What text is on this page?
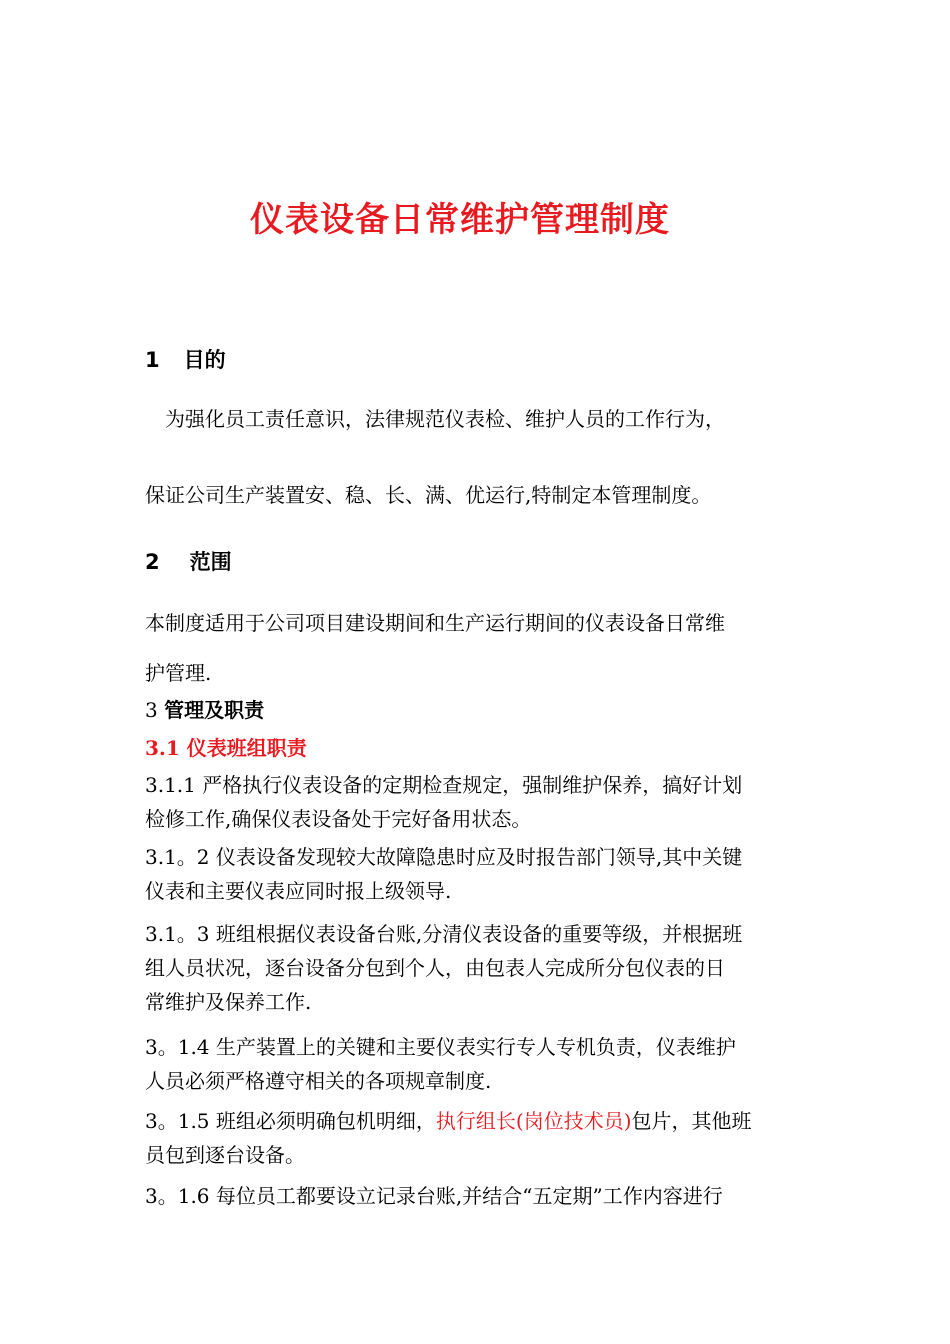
仪表设备日常维护管理制度
1 目的
为强化员工责任意识，法律规范仪表检、维护人员的工作行为，
保证公司生产装置安、稳、长、满、优运行,特制定本管理制度。
2 范围
本制度适用于公司项目建设期间和生产运行期间的仪表设备日常维
护管理.
3 管理及职责
3.1 仪表班组职责
3.1.1 严格执行仪表设备的定期检查规定，强制维护保养，搞好计划
检修工作,确保仪表设备处于完好备用状态。
3.1。2 仪表设备发现较大故障隐患时应及时报告部门领导,其中关键
仪表和主要仪表应同时报上级领导.
3.1。3 班组根据仪表设备台账,分清仪表设备的重要等级，并根据班
组人员状况，逐台设备分包到个人，由包表人完成所分包仪表的日
常维护及保养工作.
3。1.4 生产装置上的关键和主要仪表实行专人专机负责，仪表维护
人员必须严格遵守相关的各项规章制度.
3。1.5 班组必须明确包机明细，执行组长(岗位技术员)包片，其他班
员包到逐台设备。
3。1.6 每位员工都要设立记录台账,并结合“五定期”工作内容进行
